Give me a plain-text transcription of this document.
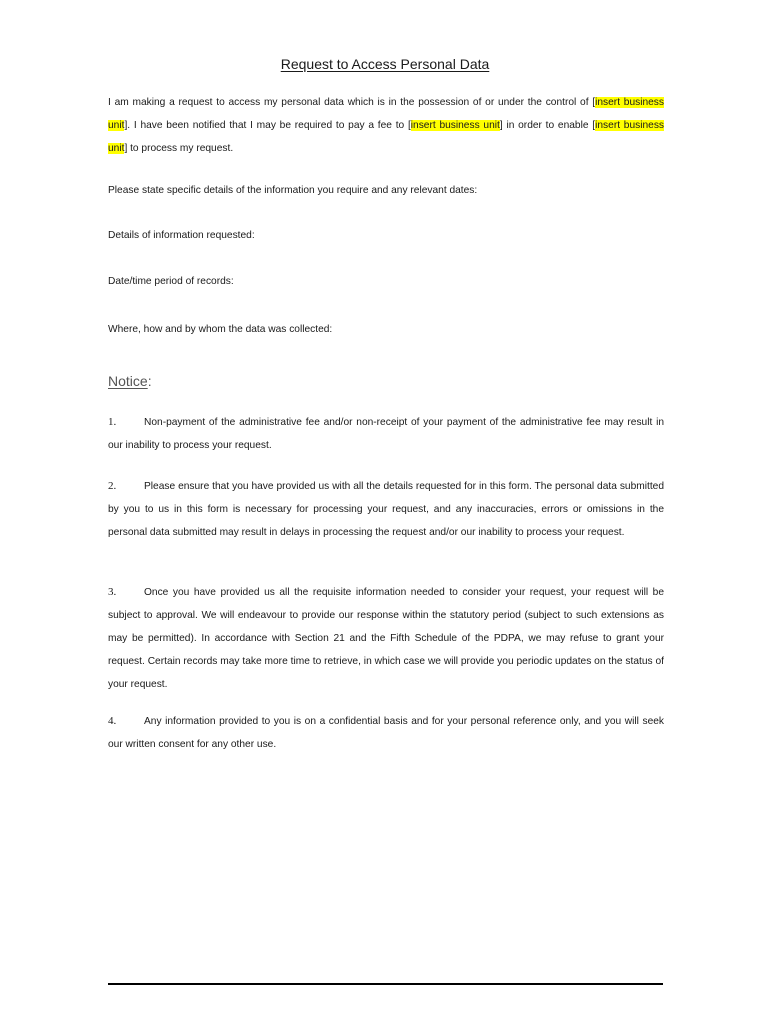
Request to Access Personal Data
I am making a request to access my personal data which is in the possession of or under the control of [insert business unit]. I have been notified that I may be required to pay a fee to [insert business unit] in order to enable [insert business unit] to process my request.
Please state specific details of the information you require and any relevant dates:
Details of information requested:
Date/time period of records:
Where, how and by whom the data was collected:
Notice:
1.	Non-payment of the administrative fee and/or non-receipt of your payment of the administrative fee may result in our inability to process your request.
2.	Please ensure that you have provided us with all the details requested for in this form. The personal data submitted by you to us in this form is necessary for processing your request, and any inaccuracies, errors or omissions in the personal data submitted may result in delays in processing the request and/or our inability to process your request.
3.	Once you have provided us all the requisite information needed to consider your request, your request will be subject to approval. We will endeavour to provide our response within the statutory period (subject to such extensions as may be permitted). In accordance with Section 21 and the Fifth Schedule of the PDPA, we may refuse to grant your request. Certain records may take more time to retrieve, in which case we will provide you periodic updates on the status of your request.
4.	Any information provided to you is on a confidential basis and for your personal reference only, and you will seek our written consent for any other use.
